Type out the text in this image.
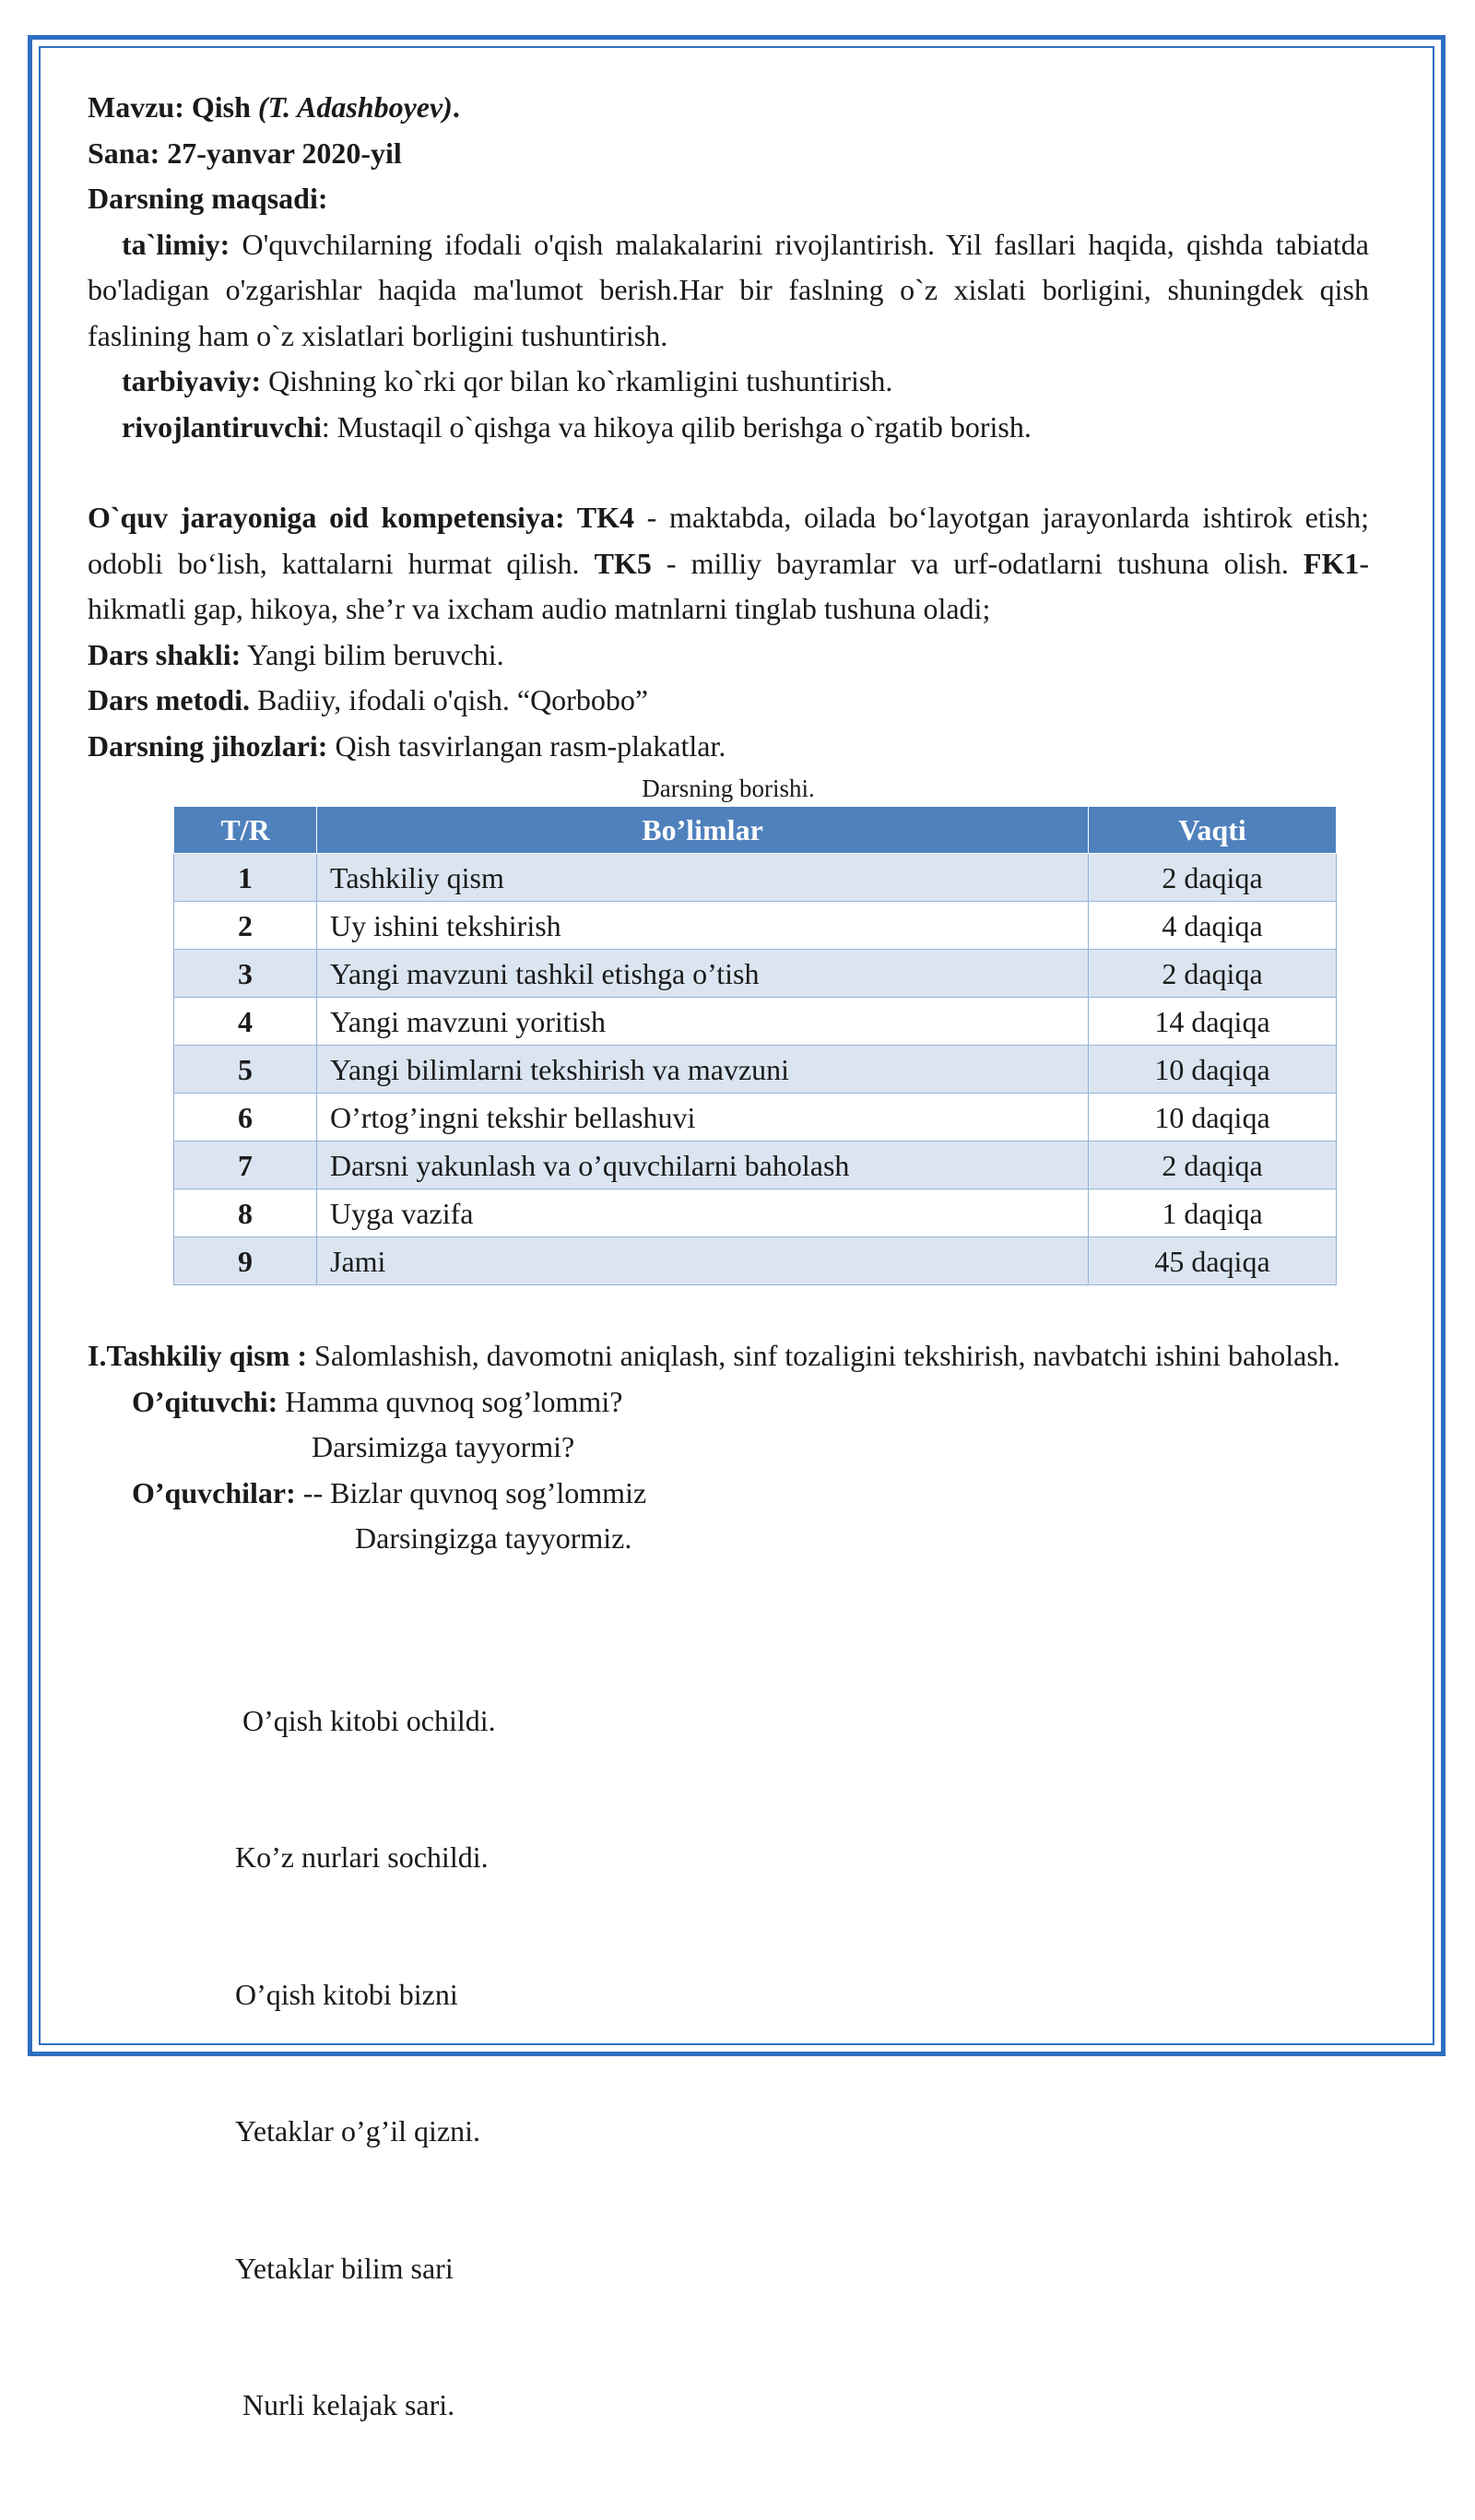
Mavzu: Qish (T. Adashboyev).

Sana: 27-yanvar 2020-yil

Darsning maqsadi:

ta`limiy: O'quvchilarning ifodali o'qish malakalarini rivojlantirish. Yil fasllari haqida, qishda tabiatda bo'ladigan o'zgarishlar haqida ma'lumot berish.Har bir faslning o`z xislati borligini, shuningdek qish faslining ham o`z xislatlari borligini tushuntirish.

tarbiyaviy: Qishning ko`rki qor bilan ko`rkamligini tushuntirish.

rivojlantiruvchi: Mustaqil o`qishga va hikoya qilib berishga o`rgatib borish.

O`quv jarayoniga oid kompetensiya: TK4 - maktabda, oilada bo‘layotgan jarayonlarda ishtirok etish; odobli bo‘lish, kattalarni hurmat qilish. TK5 - milliy bayramlar va urf-odatlarni tushuna olish. FK1-hikmatli gap, hikoya, she’r va ixcham audio matnlarni tinglab tushuna oladi;

Dars shakli: Yangi bilim beruvchi.

Dars metodi. Badiiy, ifodali o'qish. “Qorbobo”

Darsning jihozlari: Qish tasvirlangan rasm-plakatlar.

Darsning borishi.

T/R	Bo’limlar	Vaqti
1	Tashkiliy qism	2 daqiqa
2	Uy ishini tekshirish	4 daqiqa
3	Yangi mavzuni tashkil etishga o’tish	2 daqiqa
4	Yangi mavzuni yoritish	14 daqiqa
5	Yangi bilimlarni tekshirish va mavzuni	10 daqiqa
6	O’rtog’ingni tekshir bellashuvi	10 daqiqa
7	Darsni yakunlash va o’quvchilarni baholash	2 daqiqa
8	Uyga vazifa	1 daqiqa
9	Jami	45 daqiqa

I.Tashkiliy qism : Salomlashish, davomotni aniqlash, sinf tozaligini tekshirish, navbatchi ishini baholash.

O’qituvchi: Hamma quvnoq sog’lommi?

Darsimizga tayyormi?

O’quvchilar: -- Bizlar quvnoq sog’lommiz

Darsingizga tayyormiz.

O’qish kitobi ochildi.

Ko’z nurlari sochildi.

O’qish kitobi bizni

Yetaklar o’g’il qizni.

Yetaklar bilim sari

Nurli kelajak sari.
